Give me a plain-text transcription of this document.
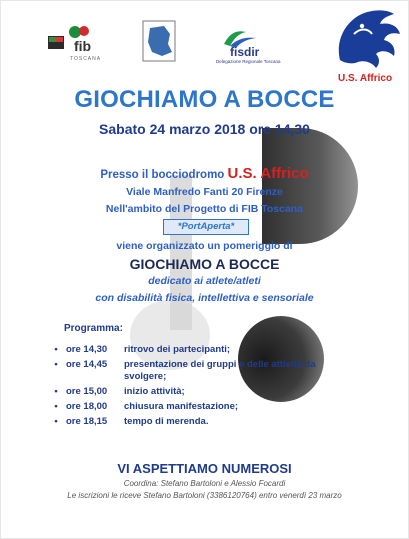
fib
TOSCANA	fisdir
Delegazione Regionale Toscana
U.S. Affrico
GIOCHIAMO A BOCCE
Sabato 24 marzo 2018 ore 14,30
Presso il bocciodromo U.S. Affrico
Viale Manfredo Fanti 20 Firenze
Nell'ambito del Progetto di FIB Toscana
*PortAperta*
viene organizzato un pomeriggio di
GIOCHIAMO A BOCCE
dedicato ai atlete/atleti
con disabilità fisica, intellettiva e sensoriale
Programma:
• ore 14,30	ritrovo dei partecipanti;
• ore 14,45	presentazione dei gruppi e delle attività da svolgere;
• ore 15,00	inizio attività;
• ore 18,00	chiusura manifestazione;
• ore 18,15	tempo di merenda.
VI ASPETTIAMO NUMEROSI
Coordina: Stefano Bartoloni e Alessio Focardi
Le iscrizioni le riceve Stefano Bartoloni (3386120764) entro venerdì 23 marzo
